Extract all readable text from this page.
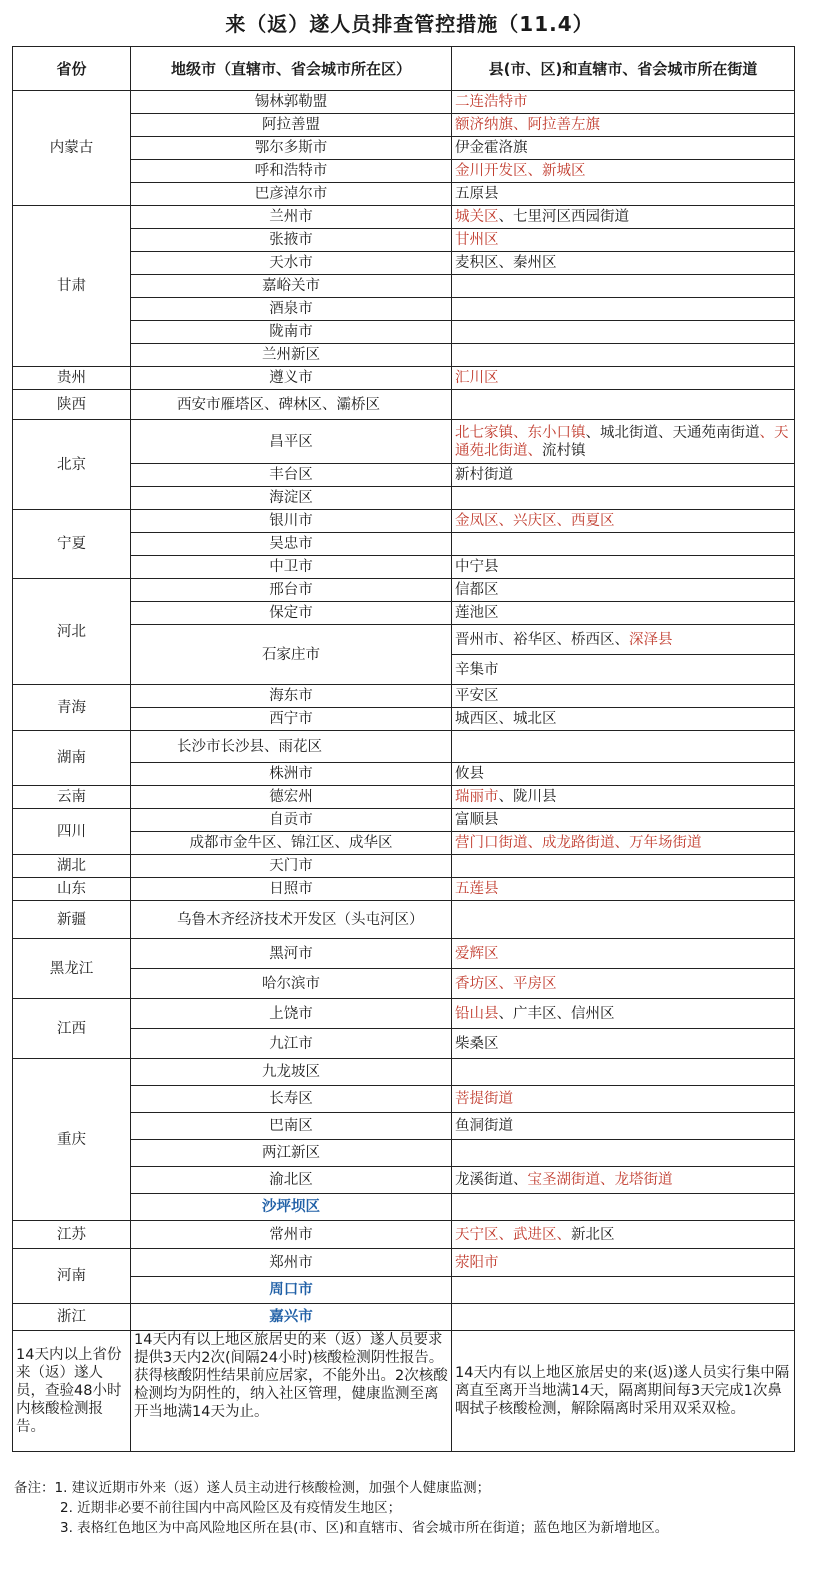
来（返）遂人员排查管控措施（11.4）
省份	地级市（直辖市、省会城市所在区）	县(市、区)和直辖市、省会城市所在街道
内蒙古	锡林郭勒盟	二连浩特市
	阿拉善盟	额济纳旗、阿拉善左旗
	鄂尔多斯市	伊金霍洛旗
	呼和浩特市	金川开发区、新城区
	巴彦淖尔市	五原县
甘肃	兰州市	城关区、七里河区西园街道
	张掖市	甘州区
	天水市	麦积区、秦州区
	嘉峪关市	
	酒泉市	
	陇南市	
	兰州新区	
贵州	遵义市	汇川区
陕西	西安市雁塔区、碑林区、灞桥区	
北京	昌平区	北七家镇、东小口镇、城北街道、天通苑南街道、天通苑北街道、流村镇
	丰台区	新村街道
	海淀区	
宁夏	银川市	金凤区、兴庆区、西夏区
	吴忠市	
	中卫市	中宁县
河北	邢台市	信都区
	保定市	莲池区
	石家庄市	晋州市、裕华区、桥西区、深泽县
		辛集市
青海	海东市	平安区
	西宁市	城西区、城北区
湖南	长沙市长沙县、雨花区	
	株洲市	攸县
云南	德宏州	瑞丽市、陇川县
四川	自贡市	富顺县
	成都市金牛区、锦江区、成华区	营门口街道、成龙路街道、万年场街道
湖北	天门市	
山东	日照市	五莲县
新疆	乌鲁木齐经济技术开发区（头屯河区）	
黑龙江	黑河市	爱辉区
	哈尔滨市	香坊区、平房区
江西	上饶市	铅山县、广丰区、信州区
	九江市	柴桑区
重庆	九龙坡区	
	长寿区	菩提街道
	巴南区	鱼洞街道
	两江新区	
	渝北区	龙溪街道、宝圣湖街道、龙塔街道
	沙坪坝区	
江苏	常州市	天宁区、武进区、新北区
河南	郑州市	荥阳市
	周口市	
浙江	嘉兴市	
14天内以上省份来（返）遂人员，查验48小时内核酸检测报告。	14天内有以上地区旅居史的来（返）遂人员要求提供3天内2次(间隔24小时)核酸检测阴性报告。获得核酸阴性结果前应居家，不能外出。2次核酸检测均为阴性的，纳入社区管理，健康监测至离开当地满14天为止。	14天内有以上地区旅居史的来(返)遂人员实行集中隔离直至离开当地满14天，隔离期间每3天完成1次鼻咽拭子核酸检测，解除隔离时采用双采双检。
备注：1. 建议近期市外来（返）遂人员主动进行核酸检测，加强个人健康监测；
2. 近期非必要不前往国内中高风险区及有疫情发生地区；
3. 表格红色地区为中高风险地区所在县(市、区)和直辖市、省会城市所在街道；蓝色地区为新增地区。
